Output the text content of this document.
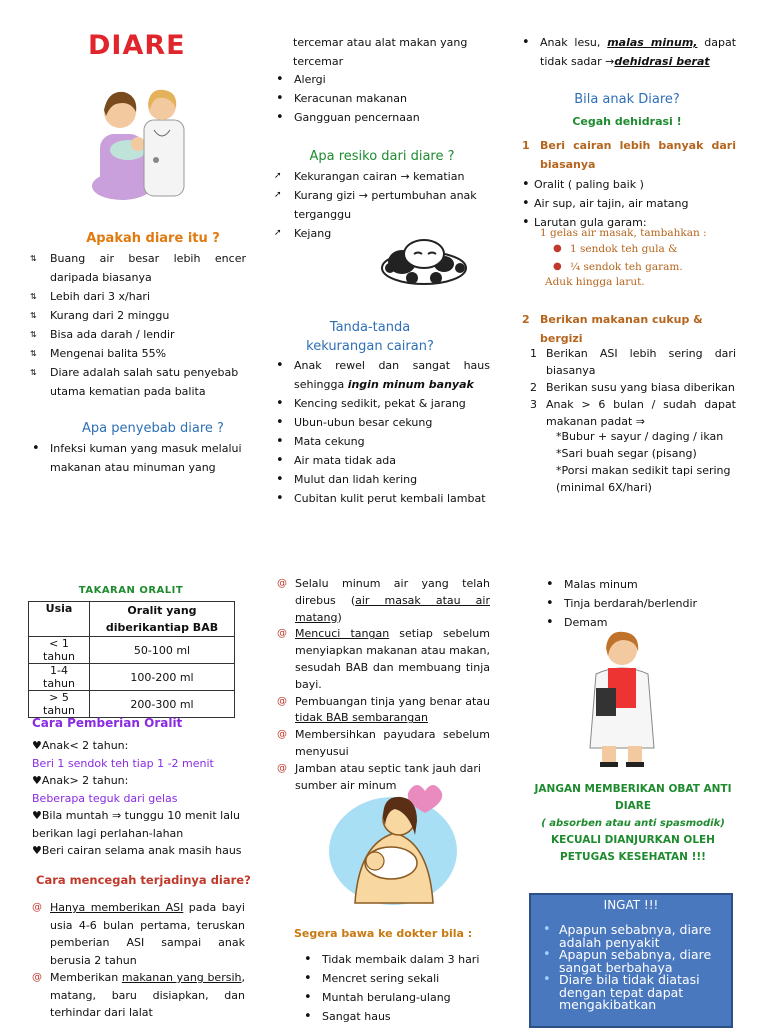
DIARE
Apakah diare itu ?
⇅ Buang air besar lebih encer daripada biasanya
⇅ Lebih dari 3 x/hari
⇅ Kurang dari 2 minggu
⇅ Bisa ada darah / lendir
⇅ Mengenai balita 55%
⇅ Diare adalah salah satu penyebab utama kematian pada balita
Apa penyebab diare ?
• Infeksi kuman yang masuk melalui makanan atau minuman yang
tercemar atau alat makan yang tercemar
• Alergi
• Keracunan makanan
• Gangguan pencernaan
Apa resiko dari diare ?
➚ Kekurangan cairan → kematian
➚ Kurang gizi → pertumbuhan anak terganggu
➚ Kejang
Tanda-tanda kekurangan cairan?
• Anak rewel dan sangat haus sehingga ingin minum banyak
• Kencing sedikit, pekat & jarang
• Ubun-ubun besar cekung
• Mata cekung
• Air mata tidak ada
• Mulut dan lidah kering
• Cubitan kulit perut kembali lambat
• Anak lesu, malas minum, dapat tidak sadar →dehidrasi berat
Bila anak Diare?
Cegah dehidrasi !
1 Beri cairan lebih banyak dari biasanya
• Oralit ( paling baik )
• Air sup, air tajin, air matang
• Larutan gula garam:
1 gelas air masak, tambahkan :
1 sendok teh gula &
¼ sendok teh garam.
●
●
Aduk hingga larut.
2 Berikan makanan cukup & bergizi
1 Berikan ASI lebih sering dari biasanya
2 Berikan susu yang biasa diberikan
3 Anak > 6 bulan / sudah dapat makanan padat ⇒
*Bubur + sayur / daging / ikan
*Sari buah segar (pisang)
*Porsi makan sedikit tapi sering (minimal 6X/hari)
TAKARAN ORALIT
Usia	Oralit yang diberikantiap BAB
< 1 tahun	50-100 ml
1-4 tahun	100-200 ml
> 5 tahun	200-300 ml
Cara Pemberian Oralit
♥Anak< 2 tahun:
Beri 1 sendok teh tiap 1 -2 menit
♥Anak> 2 tahun:
Beberapa teguk dari gelas
♥Bila muntah ⇒ tunggu 10 menit lalu berikan lagi perlahan-lahan
♥Beri cairan selama anak masih haus
Cara mencegah terjadinya diare?
@ Hanya memberikan ASI pada bayi usia 4-6 bulan pertama, teruskan pemberian ASI sampai anak berusia 2 tahun
@ Memberikan makanan yang bersih, matang, baru disiapkan, dan terhindar dari lalat
@ Selalu minum air yang telah direbus (air masak atau air matang)
@ Mencuci tangan setiap sebelum menyiapkan makanan atau makan, sesudah BAB dan membuang tinja bayi.
@ Pembuangan tinja yang benar atau tidak BAB sembarangan
@ Membersihkan payudara sebelum menyusui
@ Jamban atau septic tank jauh dari sumber air minum
Segera bawa ke dokter bila :
• Tidak membaik dalam 3 hari
• Mencret sering sekali
• Muntah berulang-ulang
• Sangat haus
• Malas minum
• Tinja berdarah/berlendir
• Demam
JANGAN MEMBERIKAN OBAT ANTI DIARE
( absorben atau anti spasmodik)
KECUALI DIANJURKAN OLEH PETUGAS KESEHATAN !!!
INGAT !!!
• Apapun sebabnya, diare adalah penyakit
• Apapun sebabnya, diare sangat berbahaya
• Diare bila tidak diatasi dengan tepat dapat mengakibatkan
